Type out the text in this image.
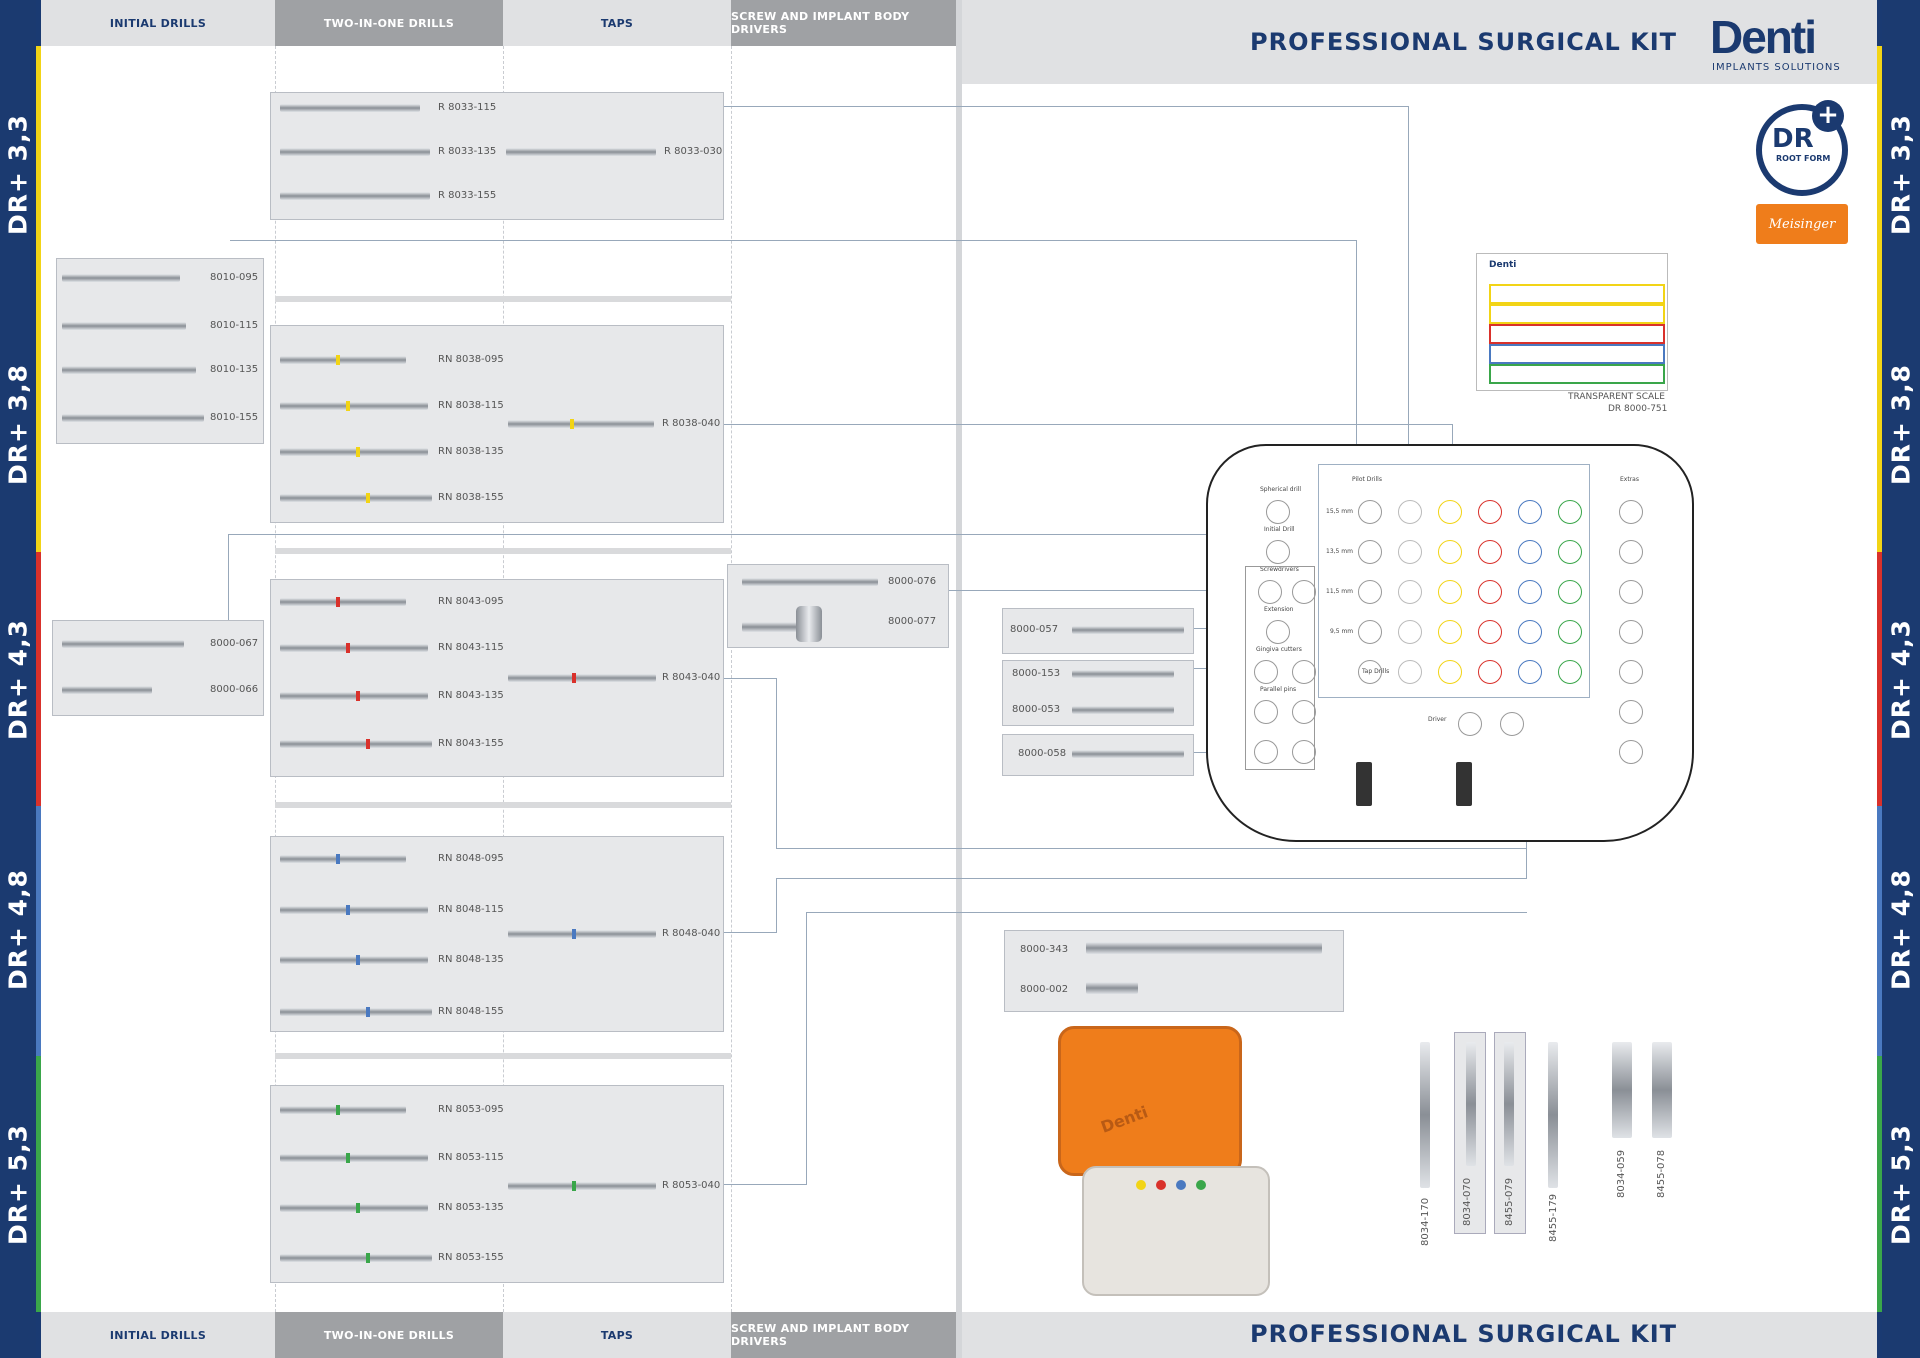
DR+ 3,3
DR+ 3,8
DR+ 4,3
DR+ 4,8
DR+ 5,3
DR+ 3,3
DR+ 3,8
DR+ 4,3
DR+ 4,8
DR+ 5,3
INITIAL DRILLS	TWO-IN-ONE DRILLS	TAPS	SCREW AND IMPLANT BODY DRIVERS
INITIAL DRILLS	TWO-IN-ONE DRILLS	TAPS	SCREW AND IMPLANT BODY DRIVERS
PROFESSIONAL SURGICAL KIT
PROFESSIONAL SURGICAL KIT
Denti
IMPLANTS SOLUTIONS
DR
ROOT FORM
+
Meisinger
Denti
TRANSPARENT SCALE
DR 8000-751
8010-095
8010-115
8010-135
8010-155
8000-067
8000-066
R 8033-115
R 8033-135
R 8033-155
R 8033-030
RN 8038-095
RN 8038-115
RN 8038-135
RN 8038-155
R 8038-040
RN 8043-095
RN 8043-115
RN 8043-135
RN 8043-155
R 8043-040
RN 8048-095
RN 8048-115
RN 8048-135
RN 8048-155
R 8048-040
RN 8053-095
RN 8053-115
RN 8053-135
RN 8053-155
R 8053-040
8000-076
8000-077
8000-057
8000-153
8000-053
8000-058
Spherical drill
Initial Drill
Screwdrivers
Extension
Gingiva cutters
Parallel pins
Pilot Drills	Extras
15,5 mm
13,5 mm
11,5 mm
9,5 mm
Tap Drills
Driver
8000-343
8000-002
Denti
8034-170	8034-070	8455-079	8455-179
8034-059	8455-078
